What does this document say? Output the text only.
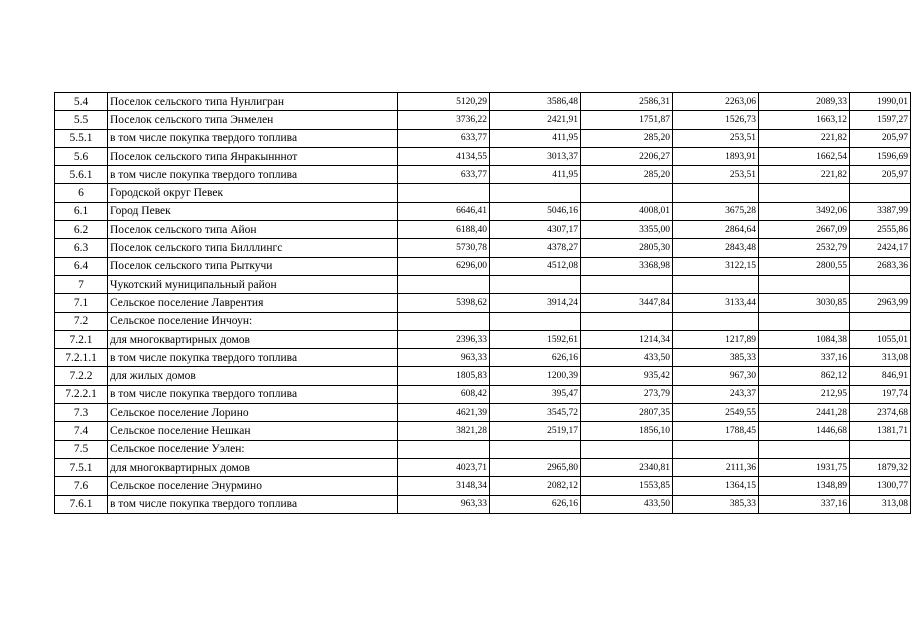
5.4	Поселок сельского типа Нунлигран	5120,29	3586,48	2586,31	2263,06	2089,33	1990,01
5.5	Поселок сельского типа Энмелен	3736,22	2421,91	1751,87	1526,73	1663,12	1597,27
5.5.1	в том числе покупка твердого топлива	633,77	411,95	285,20	253,51	221,82	205,97
5.6	Поселок сельского типа Янракынннот	4134,55	3013,37	2206,27	1893,91	1662,54	1596,69
5.6.1	в том числе покупка твердого топлива	633,77	411,95	285,20	253,51	221,82	205,97
6	Городской округ Певек						
6.1	Город Певек	6646,41	5046,16	4008,01	3675,28	3492,06	3387,99
6.2	Поселок сельского типа Айон	6188,40	4307,17	3355,00	2864,64	2667,09	2555,86
6.3	Поселок сельского типа Билллингс	5730,78	4378,27	2805,30	2843,48	2532,79	2424,17
6.4	Поселок сельского типа Рыткучи	6296,00	4512,08	3368,98	3122,15	2800,55	2683,36
7	Чукотский муниципальный район						
7.1	Сельское поселение Лаврентия	5398,62	3914,24	3447,84	3133,44	3030,85	2963,99
7.2	Сельское поселение Инчоун:						
7.2.1	для многоквартирных домов	2396,33	1592,61	1214,34	1217,89	1084,38	1055,01
7.2.1.1	в том числе покупка твердого топлива	963,33	626,16	433,50	385,33	337,16	313,08
7.2.2	для жилых домов	1805,83	1200,39	935,42	967,30	862,12	846,91
7.2.2.1	в том числе покупка твердого топлива	608,42	395,47	273,79	243,37	212,95	197,74
7.3	Сельское поселение Лорино	4621,39	3545,72	2807,35	2549,55	2441,28	2374,68
7.4	Сельское поселение Нешкан	3821,28	2519,17	1856,10	1788,45	1446,68	1381,71
7.5	Сельское поселение Уэлен:						
7.5.1	для многоквартирных домов	4023,71	2965,80	2340,81	2111,36	1931,75	1879,32
7.6	Сельское поселение Энурмино	3148,34	2082,12	1553,85	1364,15	1348,89	1300,77
7.6.1	в том числе покупка твердого топлива	963,33	626,16	433,50	385,33	337,16	313,08
